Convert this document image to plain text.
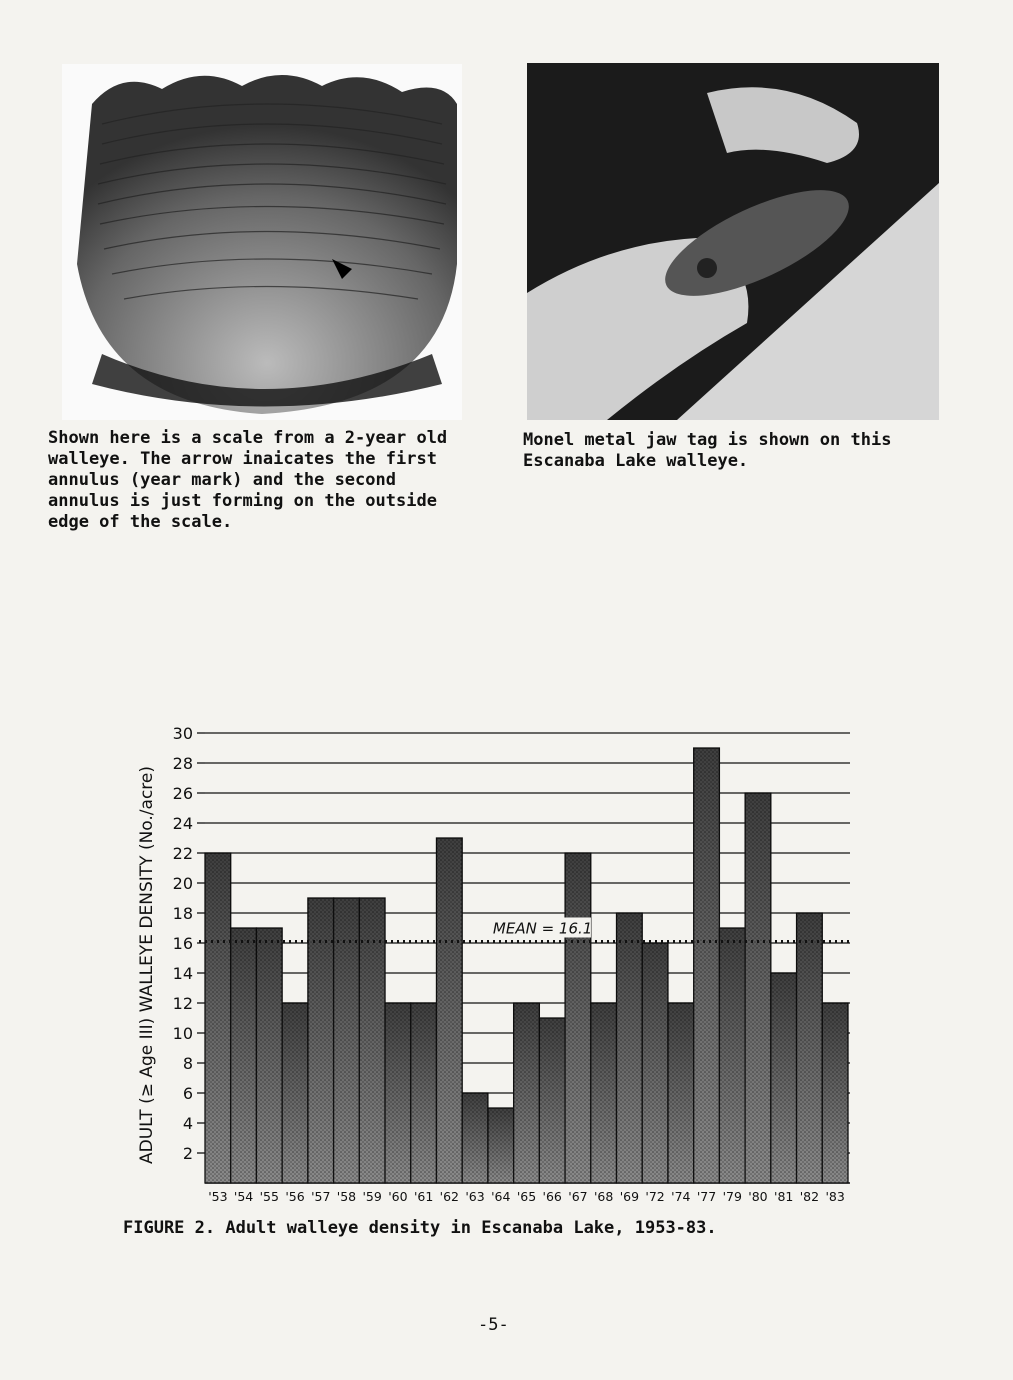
Shown here is a scale from a 2-year old
walleye. The arrow inaicates the first
annulus (year mark) and the second
annulus is just forming on the outside
edge of the scale.
Monel metal jaw tag is shown on this
Escanaba Lake walleye.
2
4
6
8
10
12
14
16
18
20
22
24
26
28
30
'53 '54 '55 '56 '57 '58 '59 '60 '61 '62 '63 '64 '65 '66 '67 '68 '69 '72 '74 '77 '79 '80 '81 '82 '83
ADULT (≥ Age III) WALLEYE DENSITY (No./acre)	MEAN = 16.1
FIGURE 2. Adult walleye density in Escanaba Lake, 1953-83.
-5-
